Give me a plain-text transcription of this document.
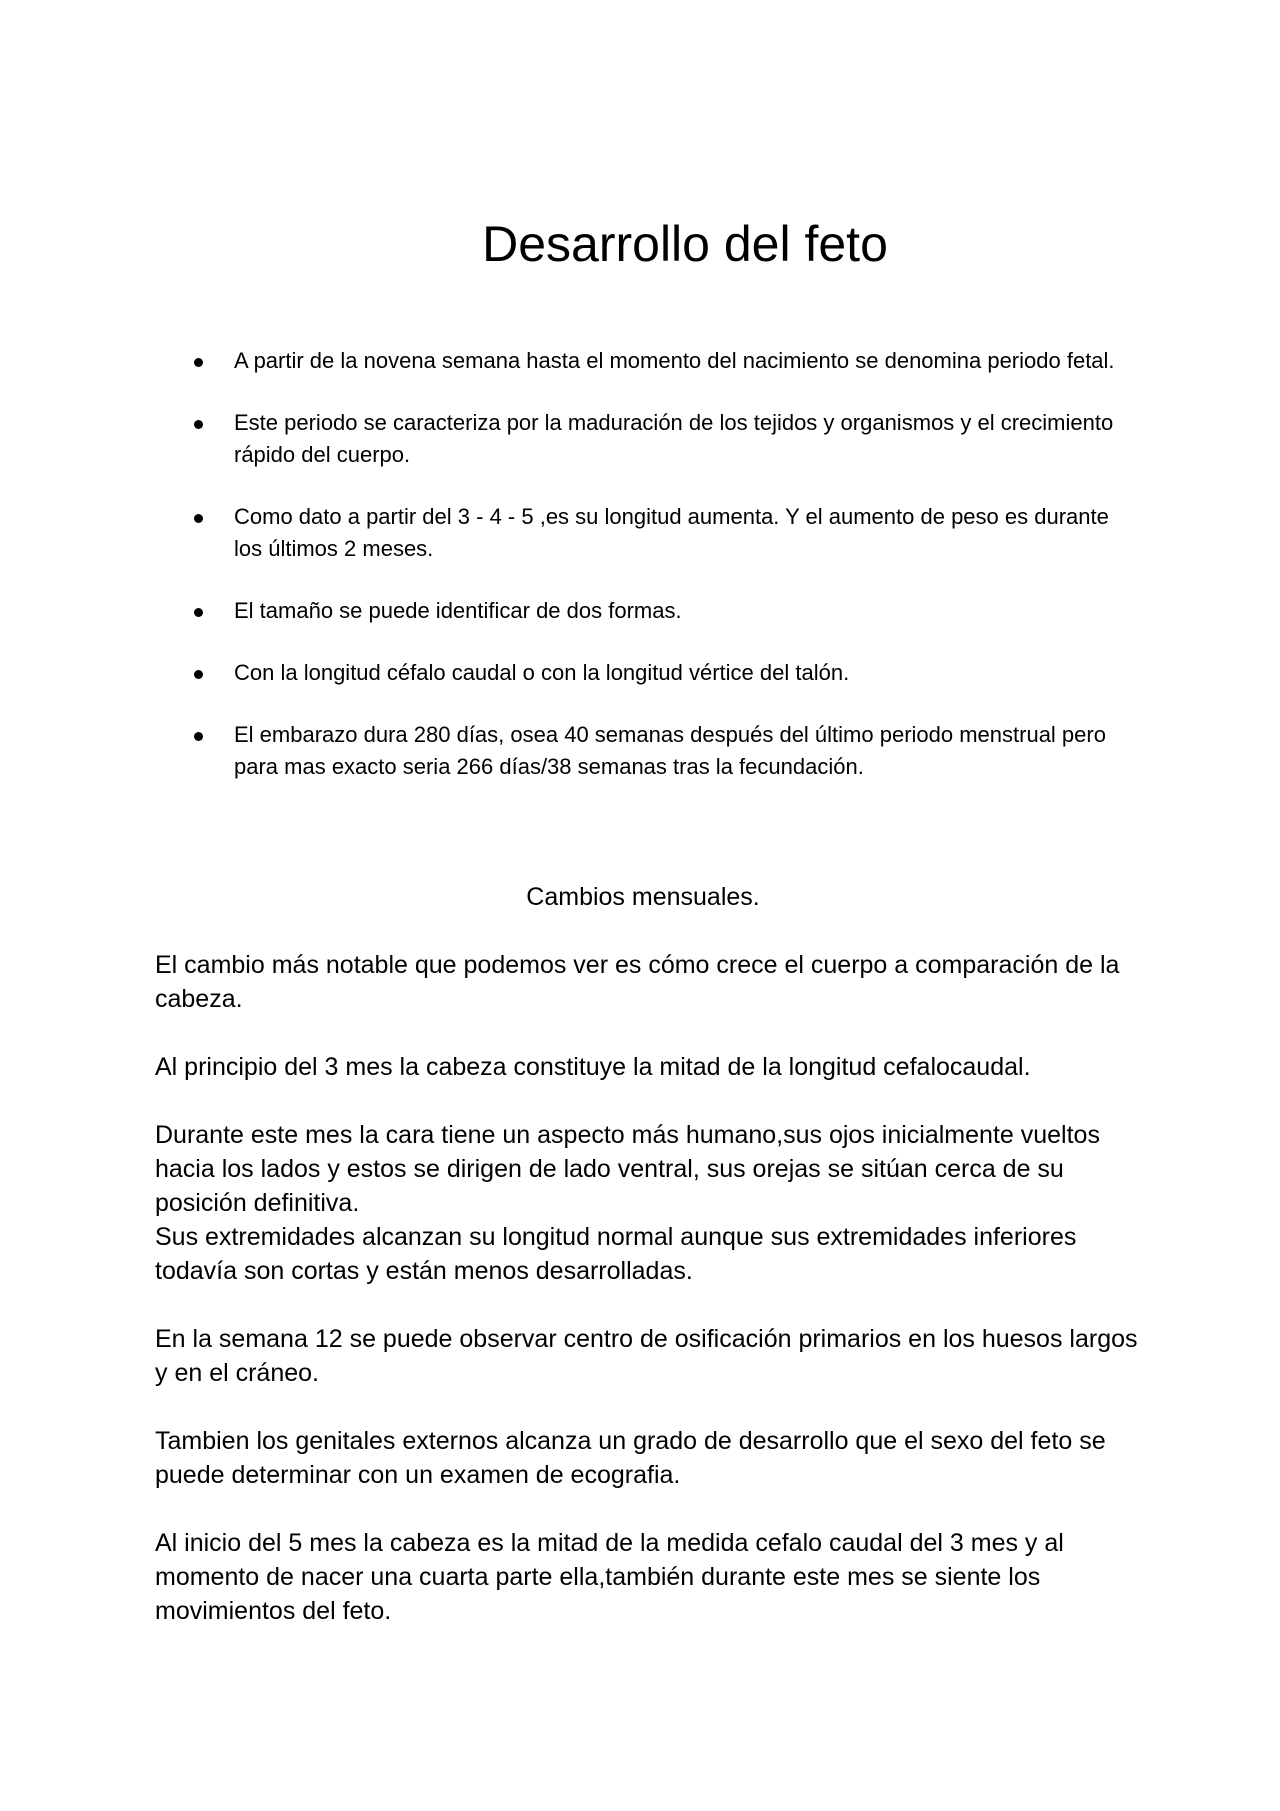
Desarrollo del feto
A partir de la novena semana hasta el momento del nacimiento se denomina periodo fetal.
Este periodo se caracteriza por la maduración de los tejidos y organismos y el crecimiento rápido del cuerpo.
Como dato a partir del 3 - 4 - 5 ,es su longitud aumenta. Y el aumento de peso es durante los últimos 2 meses.
El tamaño se puede identificar de dos formas.
Con la longitud céfalo caudal o con la longitud vértice del talón.
El embarazo dura 280 días, osea 40 semanas después del último periodo menstrual pero para mas exacto seria 266 días/38 semanas tras la fecundación.
Cambios mensuales.

El cambio más notable que podemos ver es cómo crece el cuerpo a comparación de la cabeza.

Al principio del 3 mes la cabeza constituye la mitad de la longitud cefalocaudal.

Durante este mes la cara tiene un aspecto más humano,sus ojos inicialmente vueltos hacia los lados y estos se dirigen de lado ventral, sus orejas se sitúan cerca de su posición definitiva.

Sus extremidades alcanzan su longitud normal aunque sus extremidades inferiores todavía son cortas y están menos desarrolladas.

En la semana 12 se puede observar centro de osificación primarios en los huesos largos y en el cráneo.

Tambien los genitales externos alcanza un grado de desarrollo que el sexo del feto se puede determinar con un examen de ecografia.

Al inicio del 5 mes la cabeza es la mitad de la medida cefalo caudal del 3 mes y al momento de nacer una cuarta parte ella,también durante este mes se siente los movimientos del feto.
